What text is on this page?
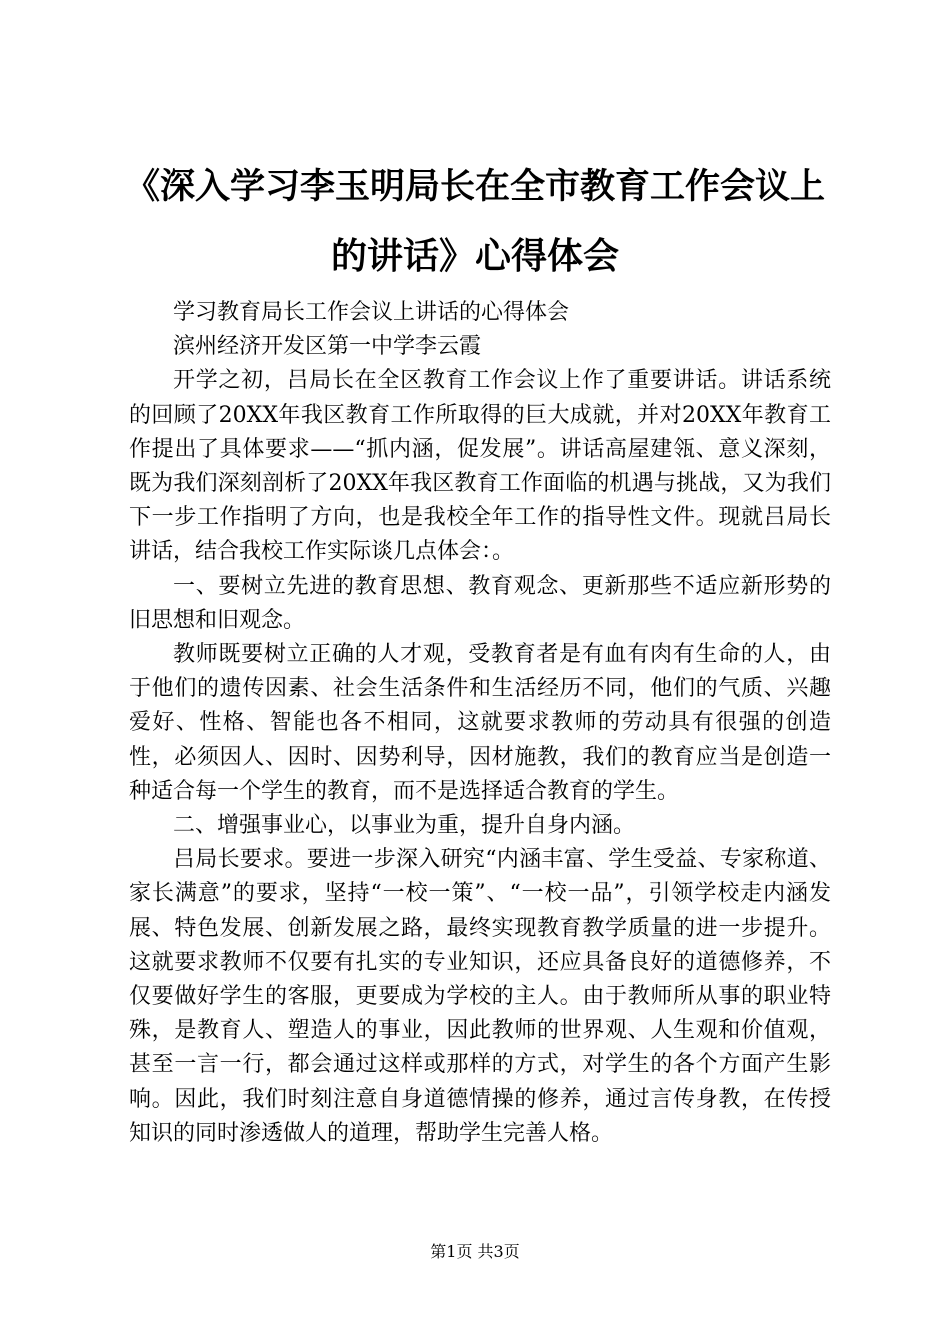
《深入学习李玉明局长在全市教育工作会议上
的讲话》心得体会

学习教育局长工作会议上讲话的心得体会

滨州经济开发区第一中学李云霞

开学之初，吕局长在全区教育工作会议上作了重要讲话。讲话系统的回顾了20XX年我区教育工作所取得的巨大成就，并对20XX年教育工作提出了具体要求——“抓内涵，促发展”。讲话高屋建瓴、意义深刻，既为我们深刻剖析了20XX年我区教育工作面临的机遇与挑战，又为我们下一步工作指明了方向，也是我校全年工作的指导性文件。现就吕局长讲话，结合我校工作实际谈几点体会：。

一、要树立先进的教育思想、教育观念、更新那些不适应新形势的旧思想和旧观念。

教师既要树立正确的人才观，受教育者是有血有肉有生命的人，由于他们的遗传因素、社会生活条件和生活经历不同，他们的气质、兴趣爱好、性格、智能也各不相同，这就要求教师的劳动具有很强的创造性，必须因人、因时、因势利导，因材施教，我们的教育应当是创造一种适合每一个学生的教育，而不是选择适合教育的学生。

二、增强事业心，以事业为重，提升自身内涵。

吕局长要求。要进一步深入研究“内涵丰富、学生受益、专家称道、家长满意”的要求，坚持“一校一策”、“一校一品”，引领学校走内涵发展、特色发展、创新发展之路，最终实现教育教学质量的进一步提升。这就要求教师不仅要有扎实的专业知识，还应具备良好的道德修养，不仅要做好学生的客服，更要成为学校的主人。由于教师所从事的职业特殊，是教育人、塑造人的事业，因此教师的世界观、人生观和价值观，甚至一言一行，都会通过这样或那样的方式，对学生的各个方面产生影响。因此，我们时刻注意自身道德情操的修养，通过言传身教，在传授知识的同时渗透做人的道理，帮助学生完善人格。

第1页 共3页
